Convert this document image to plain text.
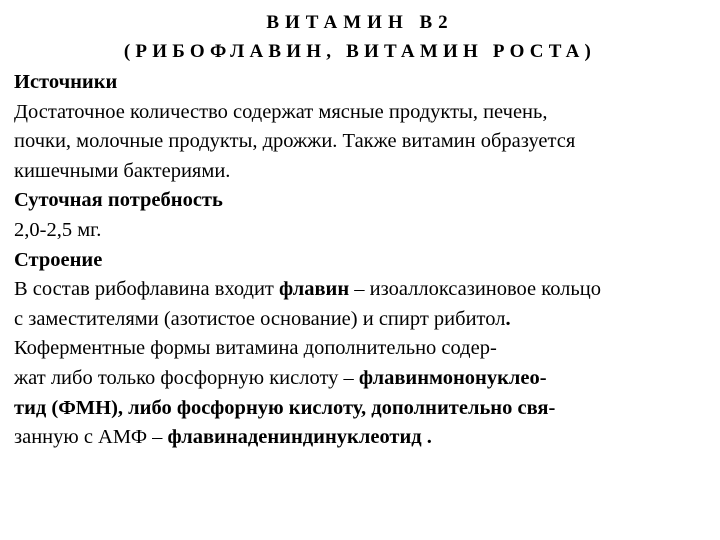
ВИТАМИН В2
(РИБОФЛАВИН, ВИТАМИН РОСТА)
Источники
Достаточное количество содержат мясные продукты, печень,
почки, молочные продукты, дрожжи. Также витамин образуется
кишечными бактериями.
Суточная потребность
2,0-2,5 мг.
Строение
В состав рибофлавина входит флавин – изоаллоксазиновое кольцо
с заместителями (азотистое основание) и спирт рибитол.
Коферментные формы витамина дополнительно содер-
жат либо только фосфорную кислоту – флавинмононуклео-
тид (ФМН), либо фосфорную кислоту, дополнительно свя-
занную с АМФ – флавинадениндинуклеотид .
